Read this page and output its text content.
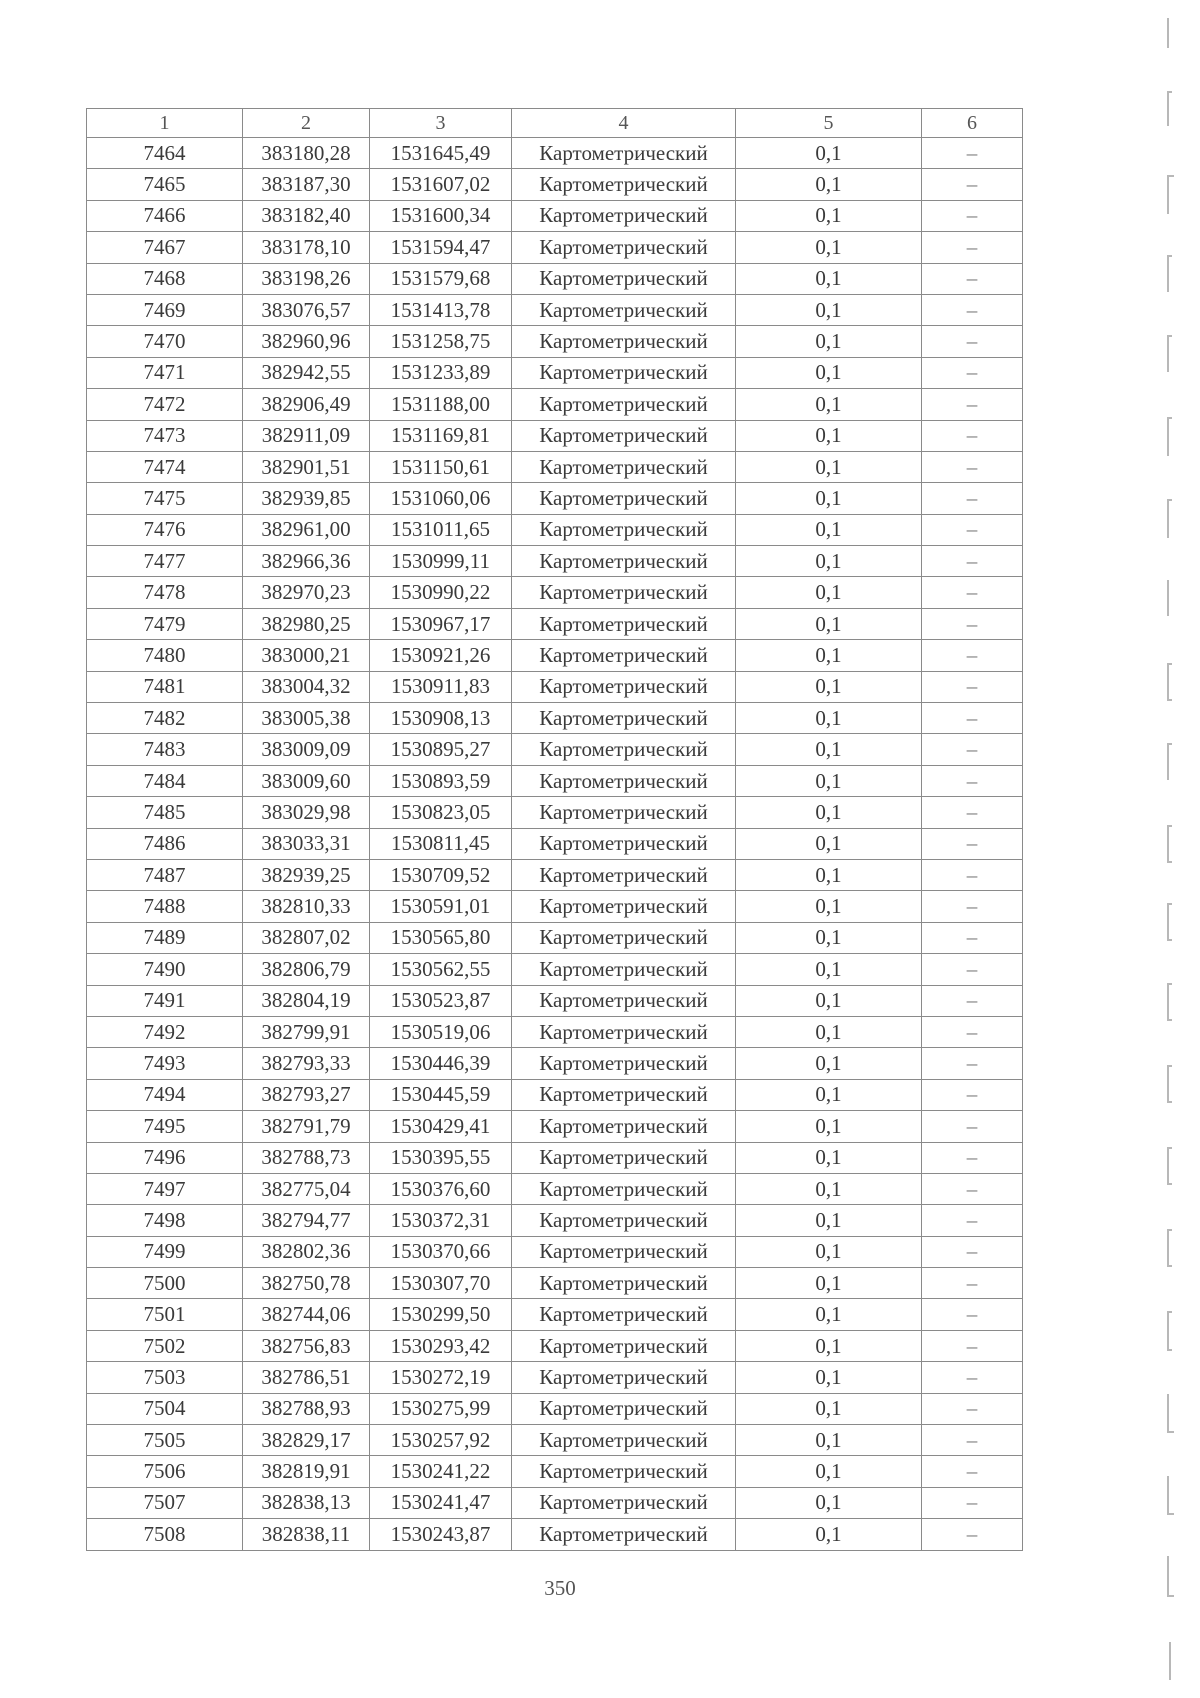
1	2	3	4	5	6
7464	383180,28	1531645,49	Картометрический	0,1	–
7465	383187,30	1531607,02	Картометрический	0,1	–
7466	383182,40	1531600,34	Картометрический	0,1	–
7467	383178,10	1531594,47	Картометрический	0,1	–
7468	383198,26	1531579,68	Картометрический	0,1	–
7469	383076,57	1531413,78	Картометрический	0,1	–
7470	382960,96	1531258,75	Картометрический	0,1	–
7471	382942,55	1531233,89	Картометрический	0,1	–
7472	382906,49	1531188,00	Картометрический	0,1	–
7473	382911,09	1531169,81	Картометрический	0,1	–
7474	382901,51	1531150,61	Картометрический	0,1	–
7475	382939,85	1531060,06	Картометрический	0,1	–
7476	382961,00	1531011,65	Картометрический	0,1	–
7477	382966,36	1530999,11	Картометрический	0,1	–
7478	382970,23	1530990,22	Картометрический	0,1	–
7479	382980,25	1530967,17	Картометрический	0,1	–
7480	383000,21	1530921,26	Картометрический	0,1	–
7481	383004,32	1530911,83	Картометрический	0,1	–
7482	383005,38	1530908,13	Картометрический	0,1	–
7483	383009,09	1530895,27	Картометрический	0,1	–
7484	383009,60	1530893,59	Картометрический	0,1	–
7485	383029,98	1530823,05	Картометрический	0,1	–
7486	383033,31	1530811,45	Картометрический	0,1	–
7487	382939,25	1530709,52	Картометрический	0,1	–
7488	382810,33	1530591,01	Картометрический	0,1	–
7489	382807,02	1530565,80	Картометрический	0,1	–
7490	382806,79	1530562,55	Картометрический	0,1	–
7491	382804,19	1530523,87	Картометрический	0,1	–
7492	382799,91	1530519,06	Картометрический	0,1	–
7493	382793,33	1530446,39	Картометрический	0,1	–
7494	382793,27	1530445,59	Картометрический	0,1	–
7495	382791,79	1530429,41	Картометрический	0,1	–
7496	382788,73	1530395,55	Картометрический	0,1	–
7497	382775,04	1530376,60	Картометрический	0,1	–
7498	382794,77	1530372,31	Картометрический	0,1	–
7499	382802,36	1530370,66	Картометрический	0,1	–
7500	382750,78	1530307,70	Картометрический	0,1	–
7501	382744,06	1530299,50	Картометрический	0,1	–
7502	382756,83	1530293,42	Картометрический	0,1	–
7503	382786,51	1530272,19	Картометрический	0,1	–
7504	382788,93	1530275,99	Картометрический	0,1	–
7505	382829,17	1530257,92	Картометрический	0,1	–
7506	382819,91	1530241,22	Картометрический	0,1	–
7507	382838,13	1530241,47	Картометрический	0,1	–
7508	382838,11	1530243,87	Картометрический	0,1	–
350
